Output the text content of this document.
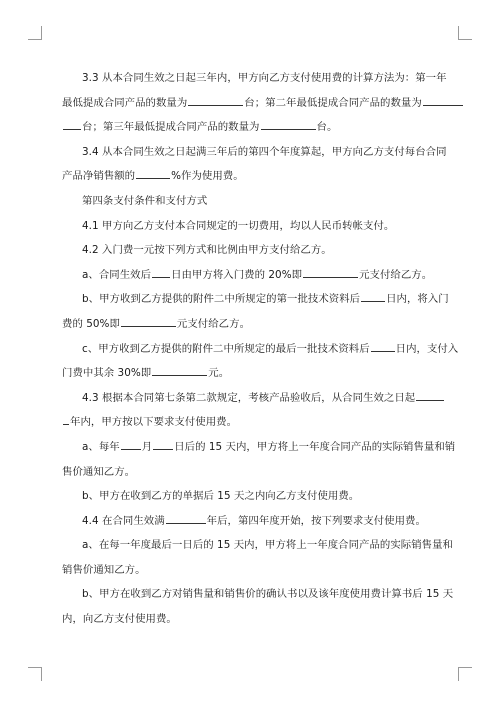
3.3 从本合同生效之日起三年内，甲方向乙方支付使用费的计算方法为：第一年
最低提成合同产品的数量为	台；第二年最低提成合同产品的数量为
台；第三年最低提成合同产品的数量为	台。
3.4 从本合同生效之日起满三年后的第四个年度算起，甲方向乙方支付每台合同
产品净销售额的	%作为使用费。
第四条支付条件和支付方式
4.1 甲方向乙方支付本合同规定的一切费用，均以人民币转帐支付。
4.2 入门费一元按下列方式和比例由甲方支付给乙方。
a、合同生效后 日由甲方将入门费的 20%即	元支付给乙方。
b、甲方收到乙方提供的附件二中所规定的第一批技术资料后	日内，将入门
费的 50%即	元支付给乙方。
c、甲方收到乙方提供的附件二中所规定的最后一批技术资料后	日内，支付入
门费中其余 30%即	元。
4.3 根据本合同第七条第二款规定，考核产品验收后，从合同生效之日起
年内，甲方按以下要求支付使用费。
a、每年 月 日后的 15 天内，甲方将上一年度合同产品的实际销售量和销
售价通知乙方。
b、甲方在收到乙方的单据后 15 天之内向乙方支付使用费。
4.4 在合同生效满	年后，第四年度开始，按下列要求支付使用费。
a、在每一年度最后一日后的 15 天内，甲方将上一年度合同产品的实际销售量和
销售价通知乙方。
b、甲方在收到乙方对销售量和销售价的确认书以及该年度使用费计算书后 15 天
内，向乙方支付使用费。
